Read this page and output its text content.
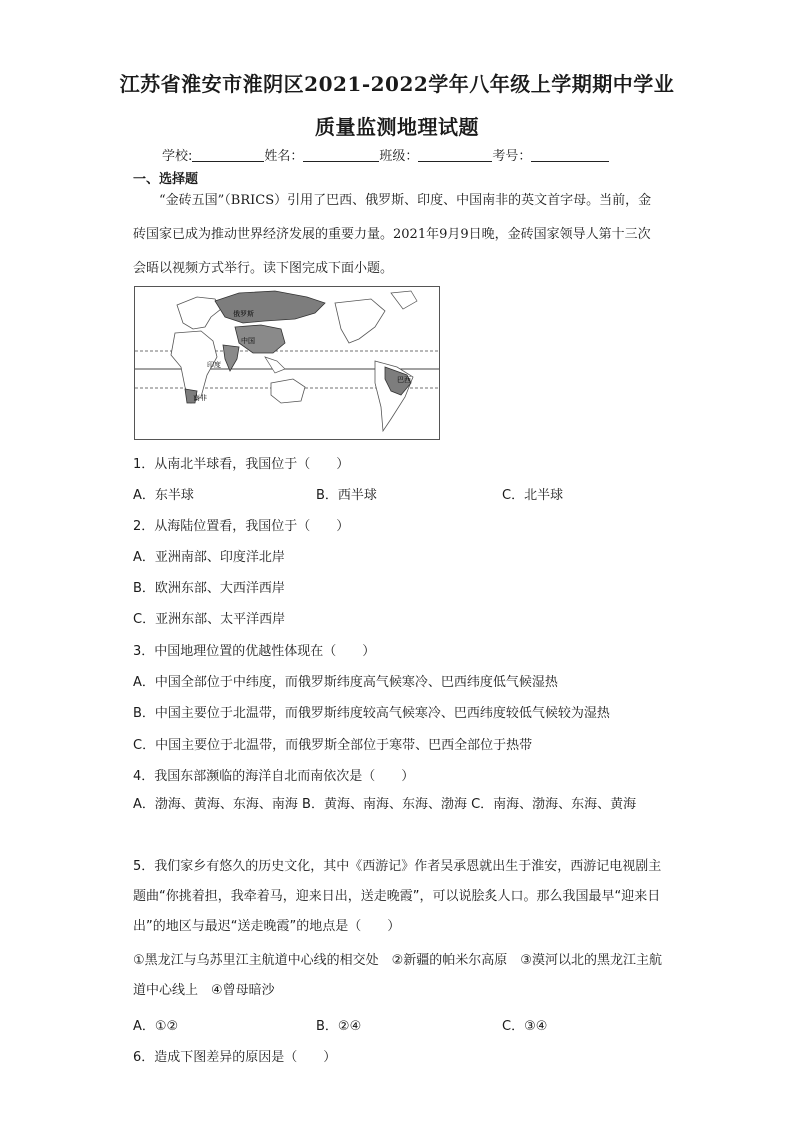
江苏省淮安市淮阴区2021-2022学年八年级上学期期中学业
质量监测地理试题
学校:	姓名：	班级：	考号：
一、选择题
“金砖五国”（BRICS）引用了巴西、俄罗斯、印度、中国南非的英文首字母。当前，金砖国家已成为推动世界经济发展的重要力量。2021年9月9日晚，金砖国家领导人第十三次会晤以视频方式举行。读下图完成下面小题。
俄罗斯
中国
印度
巴西
南非
1．从南北半球看，我国位于（　　）
A．东半球	B．西半球	C．北半球
2．从海陆位置看，我国位于（　　）
A．亚洲南部、印度洋北岸
B．欧洲东部、大西洋西岸
C．亚洲东部、太平洋西岸
3．中国地理位置的优越性体现在（　　）
A．中国全部位于中纬度，而俄罗斯纬度高气候寒冷、巴西纬度低气候湿热
B．中国主要位于北温带，而俄罗斯纬度较高气候寒冷、巴西纬度较低气候较为湿热
C．中国主要位于北温带，而俄罗斯全部位于寒带、巴西全部位于热带
4．我国东部濒临的海洋自北而南依次是（　　）
A．渤海、黄海、东海、南海 B．黄海、南海、东海、渤海 C．南海、渤海、东海、黄海
5．我们家乡有悠久的历史文化，其中《西游记》作者吴承恩就出生于淮安，西游记电视剧主题曲“你挑着担，我牵着马，迎来日出，送走晚霞”，可以说脍炙人口。那么我国最早“迎来日出”的地区与最迟“送走晚霞”的地点是（　　）
①黑龙江与乌苏里江主航道中心线的相交处　②新疆的帕米尔高原　③漠河以北的黑龙江主航道中心线上　④曾母暗沙
A．①②	B．②④	C．③④
6．造成下图差异的原因是（　　）
